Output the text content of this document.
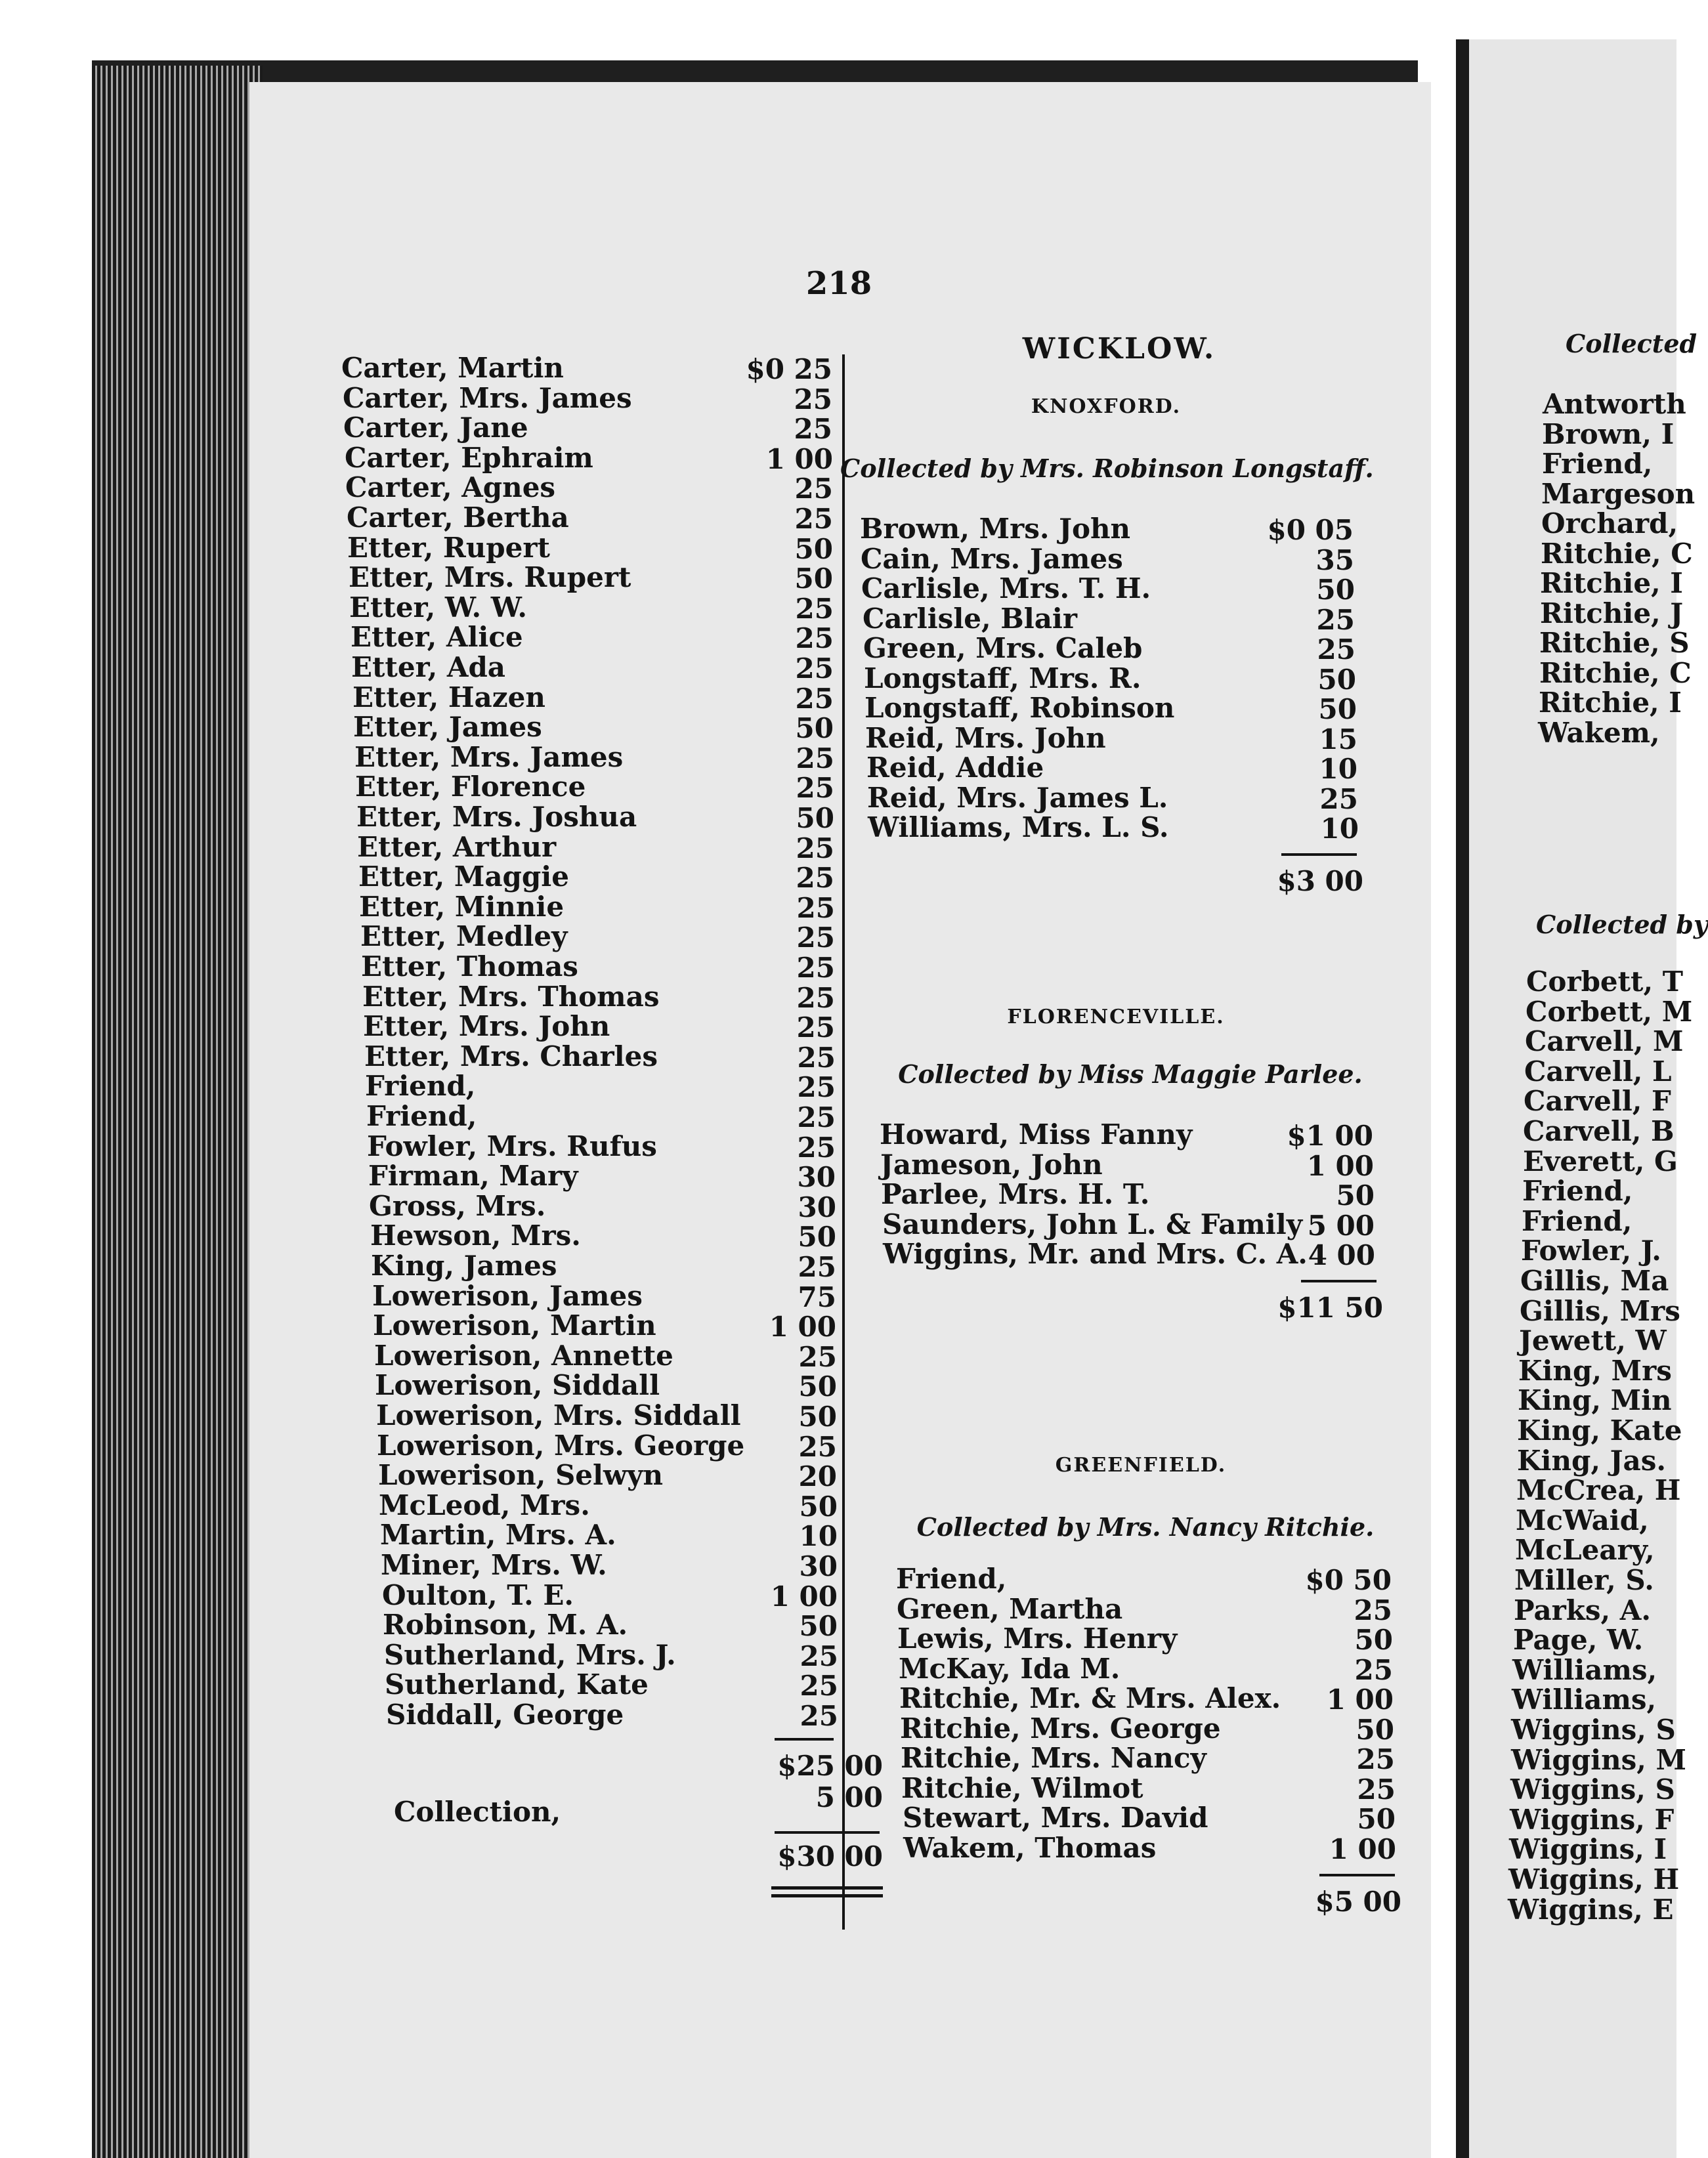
218
Carter, Martin	$0 25
Carter, Mrs. James	25
Carter, Jane	25
Carter, Ephraim	1 00
Carter, Agnes	25
Carter, Bertha	25
Etter, Rupert	50
Etter, Mrs. Rupert	50
Etter, W. W.	25
Etter, Alice	25
Etter, Ada	25
Etter, Hazen	25
Etter, James	50
Etter, Mrs. James	25
Etter, Florence	25
Etter, Mrs. Joshua	50
Etter, Arthur	25
Etter, Maggie	25
Etter, Minnie	25
Etter, Medley	25
Etter, Thomas	25
Etter, Mrs. Thomas	25
Etter, Mrs. John	25
Etter, Mrs. Charles	25
Friend,	25
Friend,	25
Fowler, Mrs. Rufus	25
Firman, Mary	30
Gross, Mrs.	30
Hewson, Mrs.	50
King, James	25
Lowerison, James	75
Lowerison, Martin	1 00
Lowerison, Annette	25
Lowerison, Siddall	50
Lowerison, Mrs. Siddall 50
Lowerison, Mrs. George 25
Lowerison, Selwyn	20
McLeod, Mrs.	50
Martin, Mrs. A.	10
Miner, Mrs. W.	30
Oulton, T. E.	1 00
Robinson, M. A.	50
Sutherland, Mrs. J.	25
Sutherland, Kate	25
Siddall, George	25
$25 00
Collection,	5 00
$30 00
WICKLOW.
KNOXFORD.
Collected by Mrs. Robinson Longstaff.
Brown, Mrs. John	$0 05
Cain, Mrs. James	35
Carlisle, Mrs. T. H.	50
Carlisle, Blair	25
Green, Mrs. Caleb	25
Longstaff, Mrs. R.	50
Longstaff, Robinson	50
Reid, Mrs. John	15
Reid, Addie	10
Reid, Mrs. James L.	25
Williams, Mrs. L. S.	10
$3 00
FLORENCEVILLE.
Collected by Miss Maggie Parlee.
Howard, Miss Fanny	$1 00
Jameson, John	1 00
Parlee, Mrs. H. T.	50
Saunders, John L. & Family 5 00
Wiggins, Mr. and Mrs. C. A. 4 00
$11 50
GREENFIELD.
Collected by Mrs. Nancy Ritchie.
Friend,	$0 50
Green, Martha	25
Lewis, Mrs. Henry	50
McKay, Ida M.	25
Ritchie, Mr. & Mrs. Alex. 1 00
Ritchie, Mrs. George	50
Ritchie, Mrs. Nancy	25
Ritchie, Wilmot	25
Stewart, Mrs. David	50
Wakem, Thomas	1 00
$5 00
Collected
Antworth
Brown, I
Friend,
Margeson
Orchard,
Ritchie, C
Ritchie, I
Ritchie, J
Ritchie, S
Ritchie, C
Ritchie, I
Wakem,
Collected by
Corbett, T
Corbett, M
Carvell, M
Carvell, L
Carvell, F
Carvell, B
Everett, G
Friend,
Friend,
Fowler, J.
Gillis, Ma
Gillis, Mrs
Jewett, W
King, Mrs
King, Min
King, Kate
King, Jas.
McCrea, H
McWaid,
McLeary,
Miller, S.
Parks, A.
Page, W.
Williams,
Williams,
Wiggins, S
Wiggins, M
Wiggins, S
Wiggins, F
Wiggins, I
Wiggins, H
Wiggins, E
